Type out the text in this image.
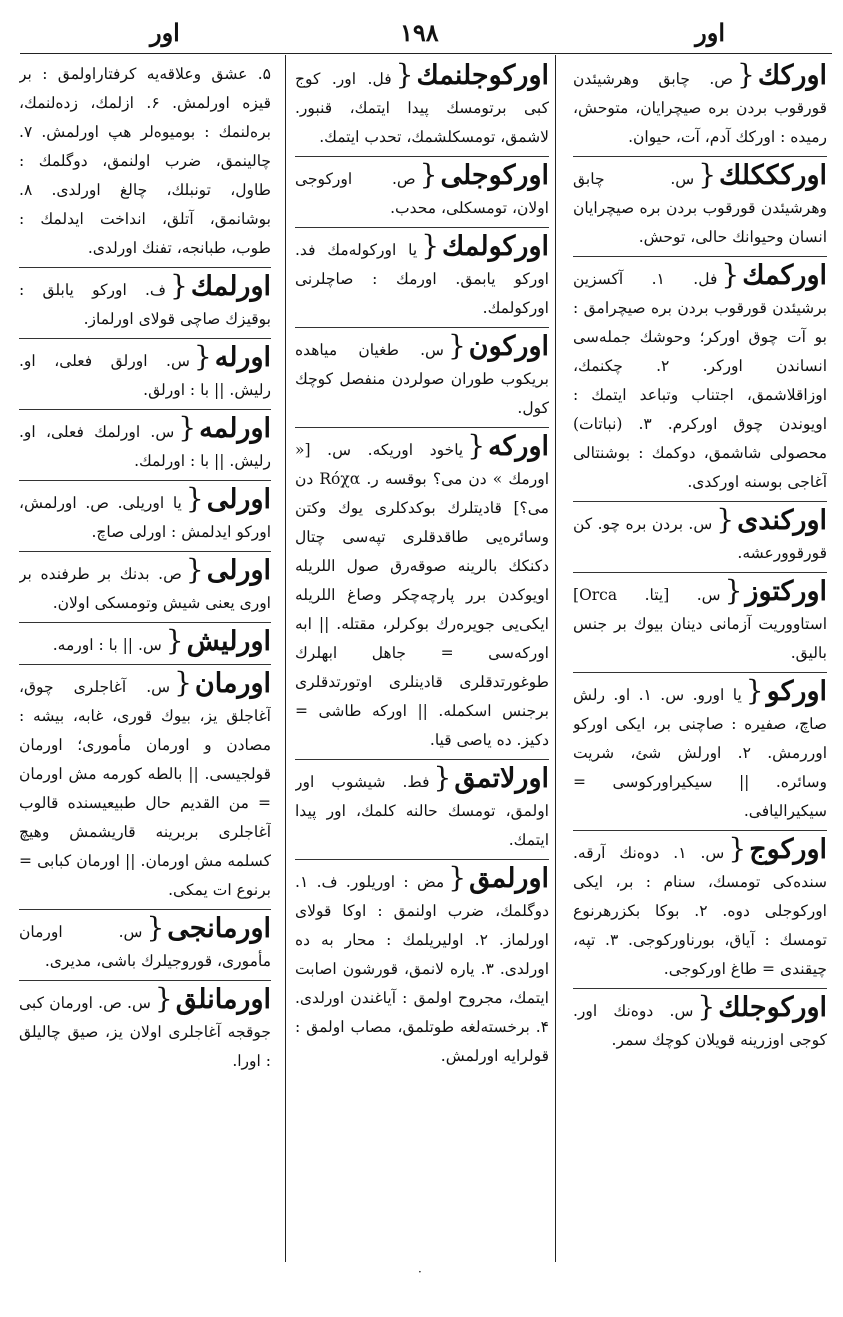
اور	۱۹۸	اور
اوركك {ص. چابق وهرشيئدن قورقوب بردن بره صيچرايان، متوحش، رميده : اوركك آدم، آت، حيوان.
اوركككلك {س. چابق وهرشيئدن قورقوب بردن بره صيچرايان انسان وحيوانك حالى، توحش.
اوركمك {فل. ۱. آكسزين برشيئدن قورقوب بردن بره صيچرامق : بو آت چوق اوركر؛ وحوشك جمله‌سى انساندن اوركر. ۲. چكنمك، اوزاقلاشمق، اجتناب وتباعد ايتمك : اويوندن چوق اوركرم. ۳. (نباتات) محصولى شاشمق، دوكمك : بوشنتالى آغاجى بوسنه اوركدى.
اوركندى {س. بردن بره چو. كن قورقوورعشه.
اوركتوز {س. [يتا. Orca] استاووريت آزمانى دينان بيوك بر جنس باليق.
اوركو {يا اورو. س. ۱. او. رلش صاچ، صفيره : صاچنى بر، ايكى اوركو اوررمش. ۲. اورلش شئ، شريت وسائره. || سيكيراوركوسى = سيكيراليافى.
اوركوج {س. ۱. دوه‌نك آرقه. سنده‌كى تومسك، سنام : بر، ايكى اوركوجلى دوه. ۲. بوكا بكزرهرنوع تومسك : آياق، بورناوركوجى. ۳. تپه، چيقندى = طاغ اوركوجى.
اوركوجلك {س. دوه‌نك اور. كوجى اوزرينه قويلان كوچك سمر.
اوركوجلنمك {فل. اور. كوج كبى برتومسك پيدا ايتمك، قنبور. لاشمق، تومسكلشمك، تحدب ايتمك.
اوركوجلى {ص. اوركوجى اولان، تومسكلى، محدب.
اوركولمك {يا اوركوله‌مك فد. اوركو يابمق. اورمك : صاچلرنى اوركولمك.
اوركون {س. طغيان مياهده بريكوب طوران صولردن منفصل كوچك كول.
اوركه {ياخود اوريكه. س. [« اورمك » دن مى؟ بوقسه ر. Róχα دن مى؟] قاديتلرك بوكدكلرى يوك وكتن وسائره‌يى طاقدقلرى تپه‌سى چتال دكنكك بالرينه صوقه‌رق صول اللريله اويوكدن برر پارچه‌چكر وصاغ اللريله ايكى‌يى جويره‌رك بوكرلر، مقتله. || ابه اوركه‌سى = جاهل ابهلرك طوغورتدقلرى قادينلرى اوتورتدقلرى برجنس اسكمله. || اوركه طاشى = دكيز. ده ياصى قيا.
اورلاتمق {فط. شيشوب اور اولمق، تومسك حالنه كلمك، اور پيدا ايتمك.
اورلمق {مض : اوريلور. ف. ۱. دوگلمك، ضرب اولنمق : اوكا قولاى اورلماز. ۲. اوليريلمك : محار به ده اورلدى. ۳. ياره لانمق، قورشون اصابت ايتمك، مجروح اولمق : آياغندن اورلدى. ۴. برخسته‌لغه طوتلمق، مصاب اولمق : قولرايه اورلمش.
۵. عشق وعلاقه‌يه كرفتاراولمق : بر قيزه اورلمش. ۶. ازلمك، زده‌لنمك، بره‌لنمك : بوميوه‌لر هپ اورلمش. ۷. چالينمق، ضرب اولنمق، دوگلمك : طاول، تونبلك، چالغ اورلدى. ۸. بوشانمق، آتلق، انداخت ايدلمك : طوب، طبانجه، تفنك اورلدى.
اورلمك {ف. اوركو يابلق : بوقيزك صاچى قولاى اورلماز.
اورله {س. اورلق فعلى، او. رليش. || با : اورلق.
اورلمه {س. اورلمك فعلى، او. رليش. || با : اورلمك.
اورلى {يا اوريلى. ص. اورلمش، اوركو ايدلمش : اورلى صاچ.
اورلى {ص. بدنك بر طرفنده بر اورى يعنى شيش وتومسكى اولان.
اورليش {س. || با : اورمه.
اورمان {س. آغاجلرى چوق، آغاجلق يز، بيوك قورى، غابه، بيشه : مصادن و اورمان مأمورى؛ اورمان قولجيسى. || بالطه كورمه مش اورمان = من القديم حال طبيعيسنده قالوب آغاجلرى بربرينه قاريشمش وهيچ كسلمه مش اورمان. || اورمان كبابى = برنوع ات يمكى.
اورمانجى {س. اورمان مأمورى، قوروجيلرك باشى، مديرى.
اورمانلق {س. ص. اورمان كبى جوقجه آغاجلرى اولان يز، صيق چاليلق : اورا.
·
